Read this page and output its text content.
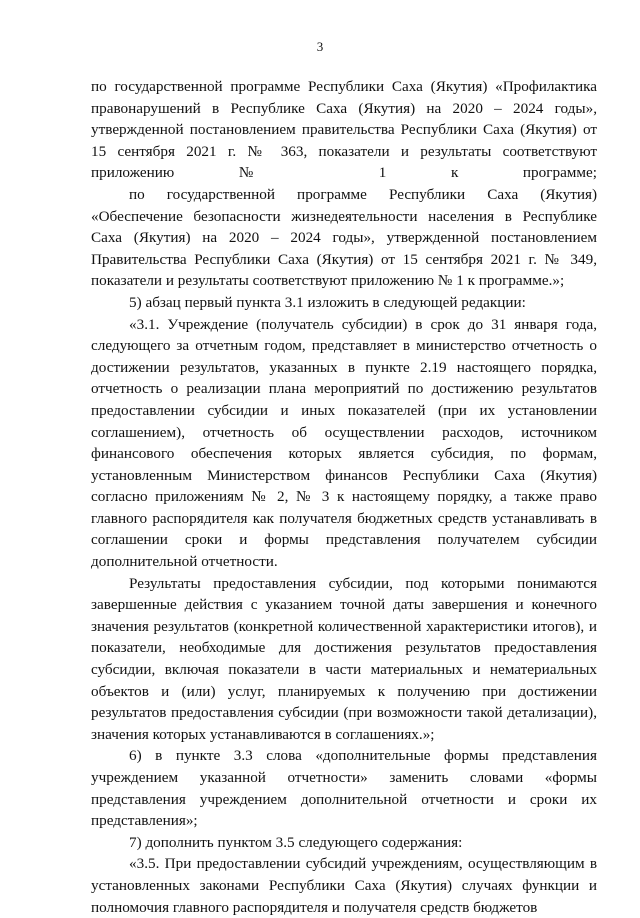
3

по государственной программе Республики Саха (Якутия) «Профилактика правонарушений в Республике Саха (Якутия) на 2020 – 2024 годы», утвержденной постановлением правительства Республики Саха (Якутия) от 15 сентября 2021 г. № 363, показатели и результаты соответствуют приложению № 1 к программе;

по государственной программе Республики Саха (Якутия) «Обеспечение безопасности жизнедеятельности населения в Республике Саха (Якутия) на 2020 – 2024 годы», утвержденной постановлением Правительства Республики Саха (Якутия) от 15 сентября 2021 г. № 349, показатели и результаты соответствуют приложению № 1 к программе.»;

5) абзац первый пункта 3.1 изложить в следующей редакции:

«3.1. Учреждение (получатель субсидии) в срок до 31 января года, следующего за отчетным годом, представляет в министерство отчетность о достижении результатов, указанных в пункте 2.19 настоящего порядка, отчетность о реализации плана мероприятий по достижению результатов предоставлении субсидии и иных показателей (при их установлении соглашением), отчетность об осуществлении расходов, источником финансового обеспечения которых является субсидия, по формам, установленным Министерством финансов Республики Саха (Якутия) согласно приложениям № 2, № 3 к настоящему порядку, а также право главного распорядителя как получателя бюджетных средств устанавливать в соглашении сроки и формы представления получателем субсидии дополнительной отчетности.

Результаты предоставления субсидии, под которыми понимаются завершенные действия с указанием точной даты завершения и конечного значения результатов (конкретной количественной характеристики итогов), и показатели, необходимые для достижения результатов предоставления субсидии, включая показатели в части материальных и нематериальных объектов и (или) услуг, планируемых к получению при достижении результатов предоставления субсидии (при возможности такой детализации), значения которых устанавливаются в соглашениях.»;

6) в пункте 3.3 слова «дополнительные формы представления учреждением указанной отчетности» заменить словами «формы представления учреждением дополнительной отчетности и сроки их представления»;

7) дополнить пунктом 3.5 следующего содержания:

«3.5. При предоставлении субсидий учреждениям, осуществляющим в установленных законами Республики Саха (Якутия) случаях функции и полномочия главного распорядителя и получателя средств бюджетов
